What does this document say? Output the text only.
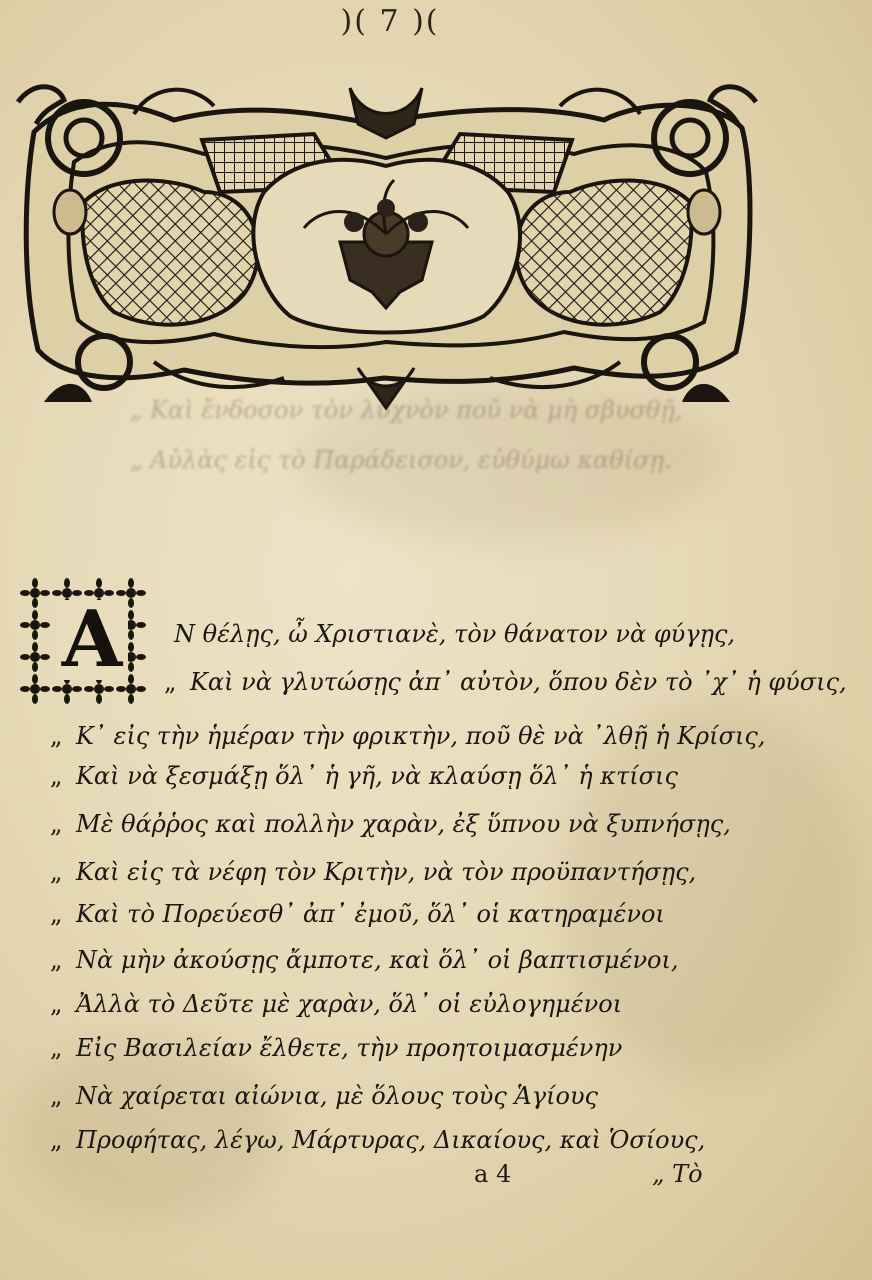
)( 7 )(
„ Καὶ ἔνδοσον τὸν λυχνὸν ποῦ νὰ μὴ σβυσθῇ,
„ Αὐλὰς εἰς τὸ Παράδεισον, εὐθύμω καθίσῃ.
Α Ν θέλῃς, ὦ Χριστιανὲ, τὸν θάνατον νὰ φύγῃς,
„ Καὶ νὰ γλυτώσῃς ἀπ᾽ αὐτὸν, ὅπου δὲν τὸ ᾽χ᾽ ἡ φύσις,
„ Κ᾽ εἰς τὴν ἡμέραν τὴν φρικτὴν, ποῦ θὲ νὰ ᾽λθῇ ἡ Κρίσις,
„ Καὶ νὰ ξεσμάξῃ ὅλ᾽ ἡ γῆ, νὰ κλαύσῃ ὅλ᾽ ἡ κτίσις
„ Μὲ θάῤῥος καὶ πολλὴν χαρὰν, ἐξ ὕπνου νὰ ξυπνήσῃς,
„ Καὶ εἰς τὰ νέφη τὸν Κριτὴν, νὰ τὸν προϋπαντήσῃς,
„ Καὶ τὸ Πορεύεσθ᾽ ἀπ᾽ ἐμοῦ, ὅλ᾽ οἱ κατηραμένοι
„ Νὰ μὴν ἀκούσῃς ἄμποτε, καὶ ὅλ᾽ οἱ βαπτισμένοι,
„ Ἀλλὰ τὸ Δεῦτε μὲ χαρὰν, ὅλ᾽ οἱ εὐλογημένοι
„ Εἰς Βασιλείαν ἔλθετε, τὴν προητοιμασμένην
„ Νὰ χαίρεται αἰώνια, μὲ ὅλους τοὺς Ἁγίους
„ Προφήτας, λέγω, Μάρτυρας, Δικαίους, καὶ Ὁσίους,
a 4	„ Τὸ
